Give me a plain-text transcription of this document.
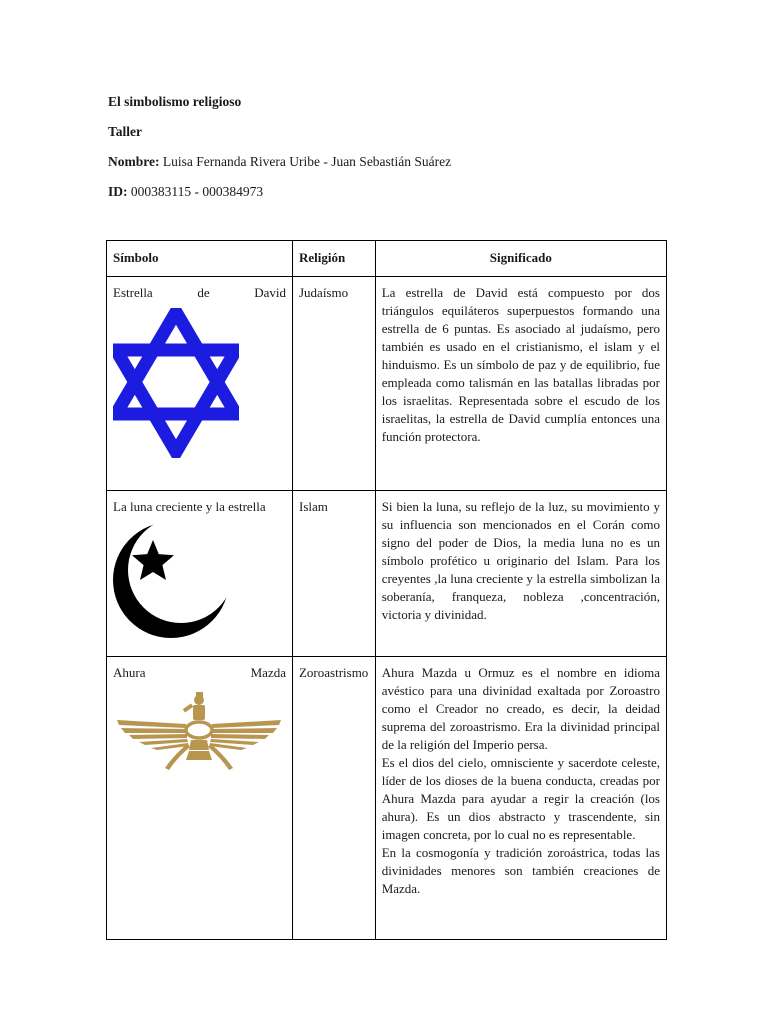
El simbolismo religioso
Taller
Nombre: Luisa Fernanda Rivera Uribe - Juan Sebastián Suárez
ID: 000383115 - 000384973
Símbolo	Religión	Significado

Estrella de David	Judaísmo	La estrella de David está compuesto por dos triángulos equiláteros superpuestos formando una estrella de 6 puntas. Es asociado al judaísmo, pero también es usado en el cristianismo, el islam y el hinduismo. Es un símbolo de paz y de equilibrio, fue empleada como talismán en las batallas libradas por los israelitas. Representada sobre el escudo de los israelitas, la estrella de David cumplía entonces una función protectora.

La luna creciente y la estrella	Islam	Si bien la luna, su reflejo de la luz, su movimiento y su influencia son mencionados en el Corán como signo del poder de Dios, la media luna no es un símbolo profético u originario del Islam. Para los creyentes ,la luna creciente y la estrella simbolizan la soberanía, franqueza, nobleza ,concentración, victoria y divinidad.

Ahura Mazda	Zoroastrismo	Ahura Mazda u Ormuz es el nombre en idioma avéstico para una divinidad exaltada por Zoroastro como el Creador no creado, es decir, la deidad suprema del zoroastrismo. Era la divinidad principal de la religión del Imperio persa.

Es el dios del cielo, omnisciente y sacerdote celeste, líder de los dioses de la buena conducta, creadas por Ahura Mazda para ayudar a regir la creación (los ahura). Es un dios abstracto y trascendente, sin imagen concreta, por lo cual no es representable.

En la cosmogonía y tradición zoroástrica, todas las divinidades menores son también creaciones de Mazda.
